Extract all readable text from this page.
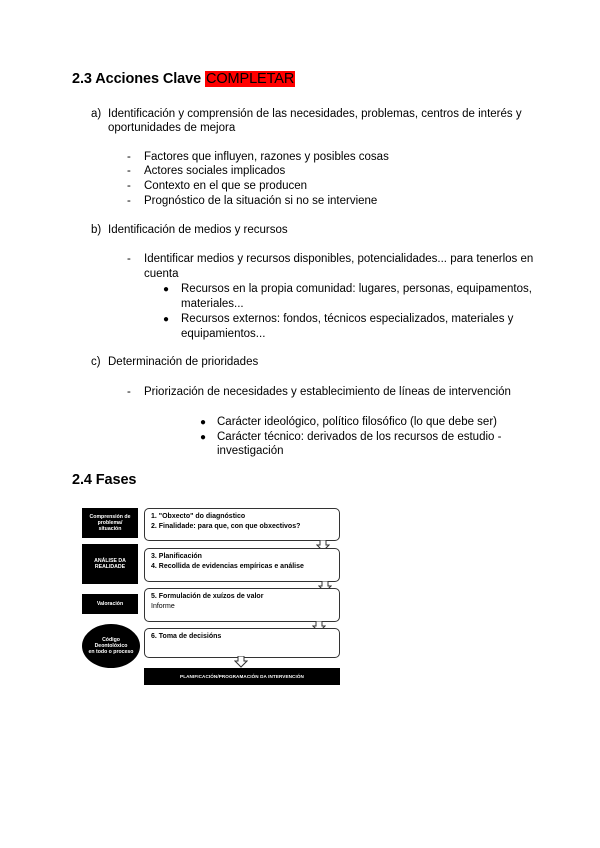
2.3 Acciones Clave COMPLETAR
a) Identificación y comprensión de las necesidades, problemas, centros de interés y
oportunidades de mejora
- Factores que influyen, razones y posibles cosas
- Actores sociales implicados
- Contexto en el que se producen
- Prognóstico de la situación si no se interviene
b) Identificación de medios y recursos
- Identificar medios y recursos disponibles, potencialidades... para tenerlos en
cuenta
● Recursos en la propia comunidad: lugares, personas, equipamentos,
materiales...
● Recursos externos: fondos, técnicos especializados, materiales y
equipamientos...
c) Determinación de prioridades
- Priorización de necesidades y establecimiento de líneas de intervención
● Carácter ideológico, político filosófico (lo que debe ser)
● Carácter técnico: derivados de los recursos de estudio -
investigación
2.4 Fases
Comprensión de
problema/
situación
ANÁLISE DA
REALIDADE
Valoración
Código
Deontolóxico
en todo o proceso
1. "Obxecto" do diagnóstico
2. Finalidade: para que, con que obxectivos?
3. Planificación
4. Recollida de evidencias empíricas e análise
5. Formulación de xuízos de valor
Informe
6. Toma de decisións
PLANIFICACIÓN/PROGRAMACIÓN DA INTERVENCIÓN
